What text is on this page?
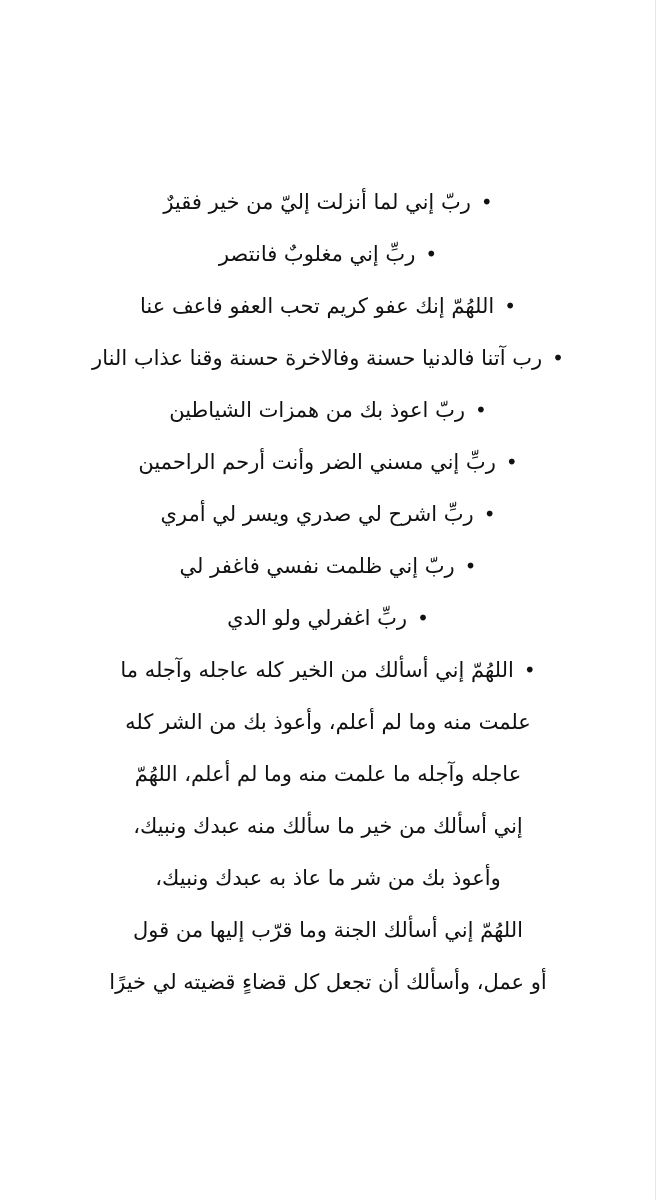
•ربّ إني لما أنزلت إليّ من خير فقيرٌ
•ربِّ إني مغلوبٌ فانتصر
•اللهُمّ إنك عفو كريم تحب العفو فاعف عنا
•رب آتنا فالدنيا حسنة وفالاخرة حسنة وقنا عذاب النار
•ربّ اعوذ بك من همزات الشياطين
•ربِّ إني مسني الضر وأنت أرحم الراحمين
•ربِّ اشرح لي صدري ويسر لي أمري
•ربّ إني ظلمت نفسي فاغفر لي
•ربِّ اغفرلي ولو الدي
•اللهُمّ إني أسألك من الخير كله عاجله وآجله ما
علمت منه وما لم أعلم، وأعوذ بك من الشر كله
عاجله وآجله ما علمت منه وما لم أعلم، اللهُمّ
إني أسألك من خير ما سألك منه عبدك ونبيك،
وأعوذ بك من شر ما عاذ به عبدك ونبيك،
اللهُمّ إني أسألك الجنة وما قرّب إليها من قول
أو عمل، وأسألك أن تجعل كل قضاءٍ قضيته لي خيرًا
